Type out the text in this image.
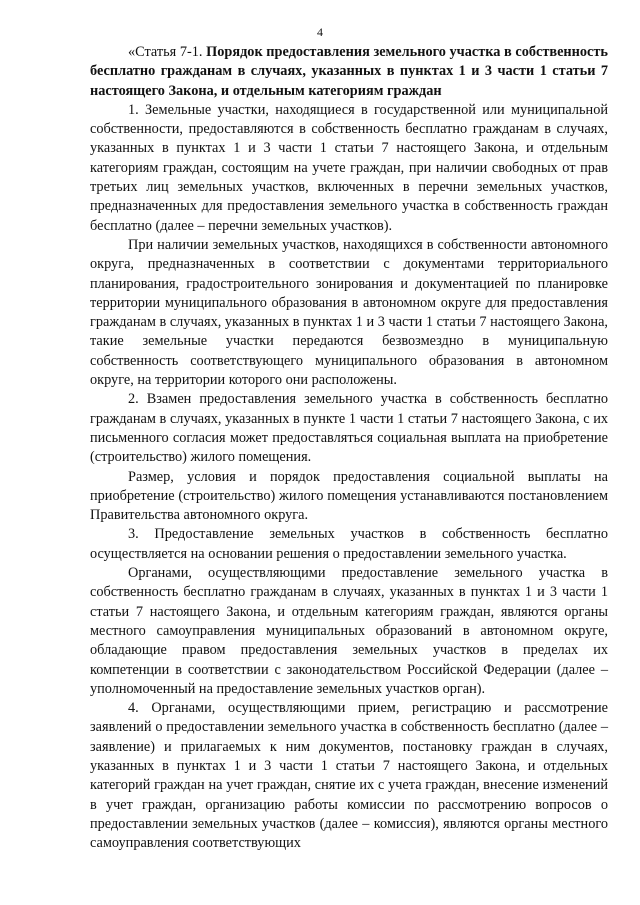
4

«Статья 7-1. Порядок предоставления земельного участка в собственность бесплатно гражданам в случаях, указанных в пунктах 1 и 3 части 1 статьи 7 настоящего Закона, и отдельным категориям граждан

1. Земельные участки, находящиеся в государственной или муниципальной собственности, предоставляются в собственность бесплатно гражданам в случаях, указанных в пунктах 1 и 3 части 1 статьи 7 настоящего Закона, и отдельным категориям граждан, состоящим на учете граждан, при наличии свободных от прав третьих лиц земельных участков, включенных в перечни земельных участков, предназначенных для предоставления земельного участка в собственность граждан бесплатно (далее – перечни земельных участков).

При наличии земельных участков, находящихся в собственности автономного округа, предназначенных в соответствии с документами территориального планирования, градостроительного зонирования и документацией по планировке территории муниципального образования в автономном округе для предоставления гражданам в случаях, указанных в пунктах 1 и 3 части 1 статьи 7 настоящего Закона, такие земельные участки передаются безвозмездно в муниципальную собственность соответствующего муниципального образования в автономном округе, на территории которого они расположены.

2. Взамен предоставления земельного участка в собственность бесплатно гражданам в случаях, указанных в пункте 1 части 1 статьи 7 настоящего Закона, с их письменного согласия может предоставляться социальная выплата на приобретение (строительство) жилого помещения.

Размер, условия и порядок предоставления социальной выплаты на приобретение (строительство) жилого помещения устанавливаются постановлением Правительства автономного округа.

3. Предоставление земельных участков в собственность бесплатно осуществляется на основании решения о предоставлении земельного участка.

Органами, осуществляющими предоставление земельного участка в собственность бесплатно гражданам в случаях, указанных в пунктах 1 и 3 части 1 статьи 7 настоящего Закона, и отдельным категориям граждан, являются органы местного самоуправления муниципальных образований в автономном округе, обладающие правом предоставления земельных участков в пределах их компетенции в соответствии с законодательством Российской Федерации (далее – уполномоченный на предоставление земельных участков орган).

4. Органами, осуществляющими прием, регистрацию и рассмотрение заявлений о предоставлении земельного участка в собственность бесплатно (далее – заявление) и прилагаемых к ним документов, постановку граждан в случаях, указанных в пунктах 1 и 3 части 1 статьи 7 настоящего Закона, и отдельных категорий граждан на учет граждан, снятие их с учета граждан, внесение изменений в учет граждан, организацию работы комиссии по рассмотрению вопросов о предоставлении земельных участков (далее – комиссия), являются органы местного самоуправления соответствующих
